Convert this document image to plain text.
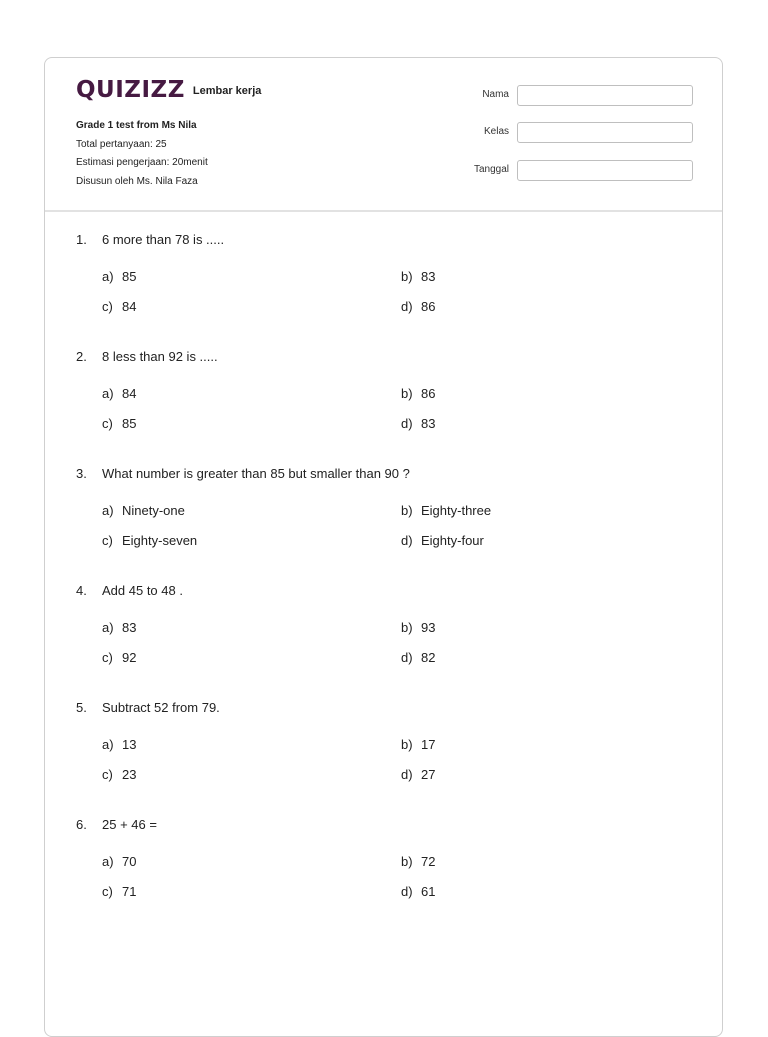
QUIZIZZ Lembar kerja
Grade 1 test from Ms Nila
Total pertanyaan: 25
Estimasi pengerjaan: 20menit
Disusun oleh Ms. Nila Faza
Nama
Kelas
Tanggal
1. 6 more than 78 is .....
a) 85	b) 83
c) 84	d) 86
2. 8 less than 92 is .....
a) 84	b) 86
c) 85	d) 83
3. What number is greater than 85 but smaller than 90 ?
a) Ninety-one	b) Eighty-three
c) Eighty-seven	d) Eighty-four
4. Add 45 to 48 .
a) 83	b) 93
c) 92	d) 82
5. Subtract 52 from 79.
a) 13	b) 17
c) 23	d) 27
6. 25 + 46 =
a) 70	b) 72
c) 71	d) 61
